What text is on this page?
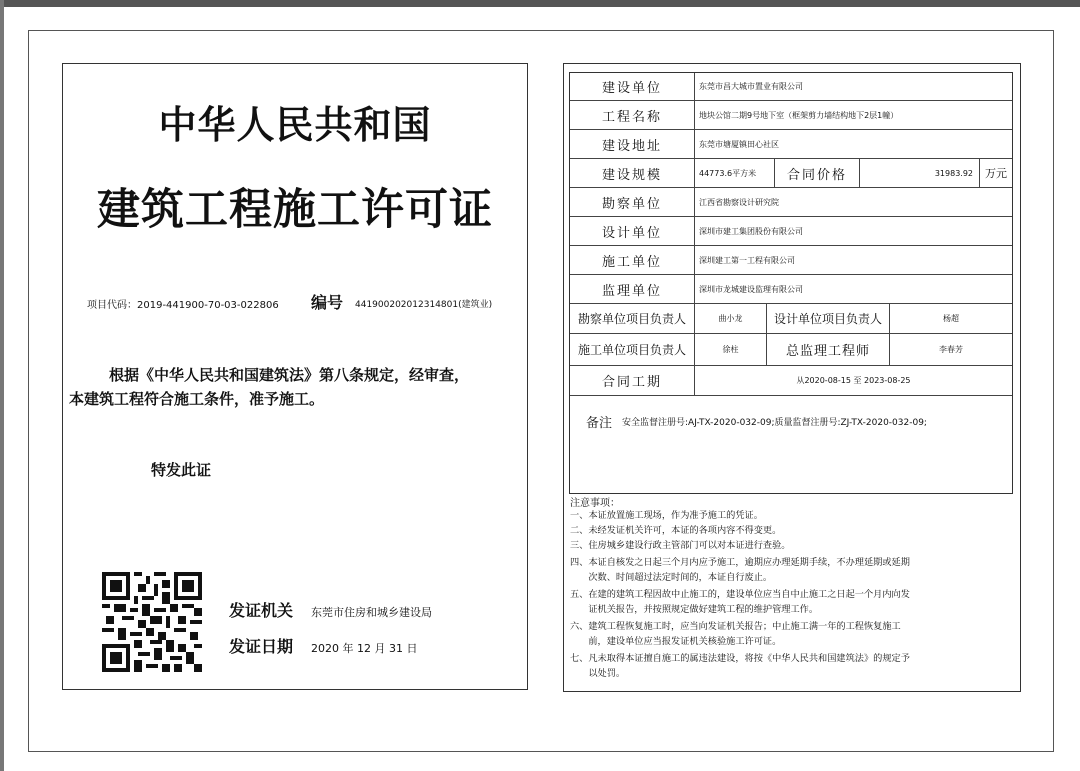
中华人民共和国
建筑工程施工许可证
项目代码：2019-441900-70-03-022806 编号 441900202012314801(建筑业)
根据《中华人民共和国建筑法》第八条规定，经审查，
本建筑工程符合施工条件，准予施工。
特发此证
发证机关 东莞市住房和城乡建设局
发证日期 2020 年 12 月 31 日
建设单位	东莞市昌大城市置业有限公司
工程名称	地块公馆二期9号地下室（框架剪力墙结构地下2层1幢）
建设地址	东莞市塘厦镇田心社区
建设规模	44773.6平方米	合同价格	31983.92	万元
勘察单位	江西省勘察设计研究院
设计单位	深圳市建工集团股份有限公司
施工单位	深圳建工第一工程有限公司
监理单位	深圳市龙城建设监理有限公司
勘察单位项目负责人	曲小龙	设计单位项目负责人	杨超
施工单位项目负责人	徐柱	总监理工程师	李春芳
合同工期	从2020-08-15 至 2023-08-25
备注 安全监督注册号:AJ-TX-2020-032-09;质量监督注册号:ZJ-TX-2020-032-09;
注意事项：
一、本证放置施工现场，作为准予施工的凭证。
二、未经发证机关许可，本证的各项内容不得变更。
三、住房城乡建设行政主管部门可以对本证进行查验。
四、本证自核发之日起三个月内应予施工，逾期应办理延期手续，不办理延期或延期
　　次数、时间超过法定时间的，本证自行废止。
五、在建的建筑工程因故中止施工的，建设单位应当自中止施工之日起一个月内向发
　　证机关报告，并按照规定做好建筑工程的维护管理工作。
六、建筑工程恢复施工时，应当向发证机关报告；中止施工满一年的工程恢复施工
　　前，建设单位应当报发证机关核验施工许可证。
七、凡未取得本证擅自施工的属违法建设，将按《中华人民共和国建筑法》的规定予
　　以处罚。
